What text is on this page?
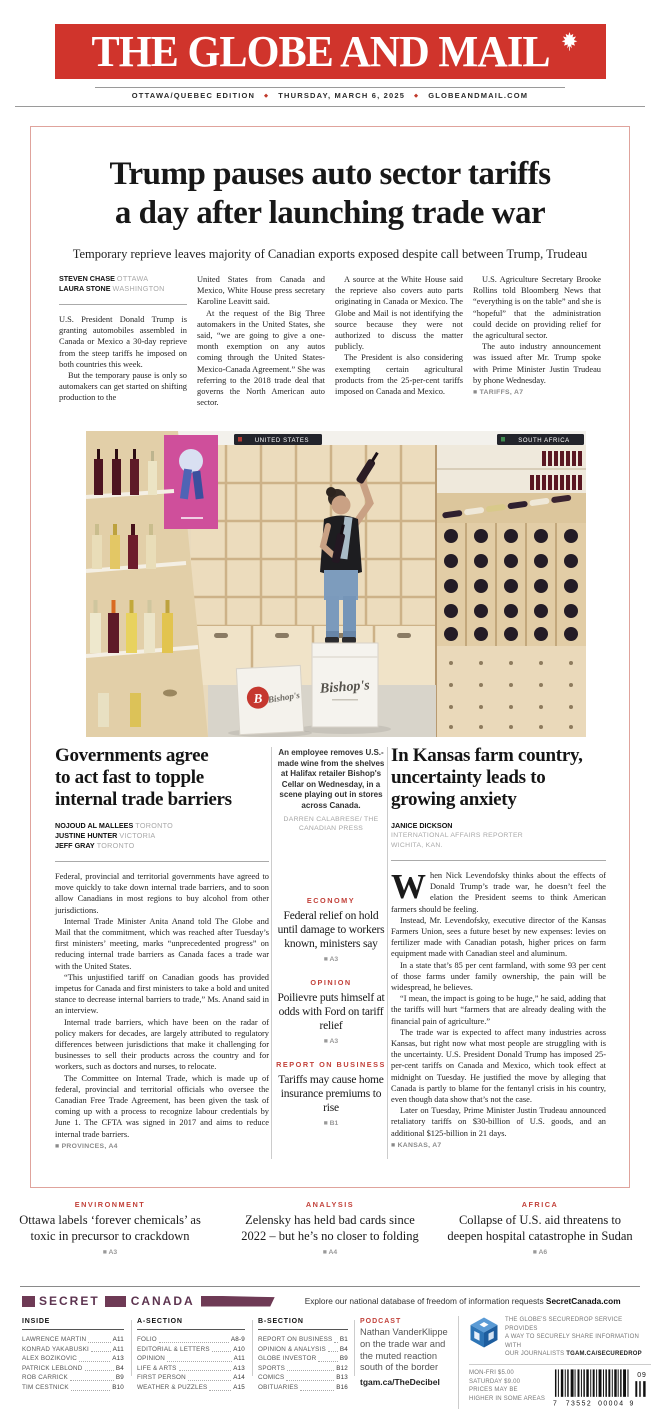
THE GLOBE AND MAIL
OTTAWA/QUEBEC EDITION ◆ THURSDAY, MARCH 6, 2025 ◆ GLOBEANDMAIL.COM
Trump pauses auto sector tariffs
a day after launching trade war
Temporary reprieve leaves majority of Canadian exports exposed despite call between Trump, Trudeau
STEVEN CHASE OTTAWA
LAURA STONE WASHINGTON

U.S. President Donald Trump is granting automobiles assembled in Canada or Mexico a 30-day reprieve from the steep tariffs he imposed on both countries this week.

But the temporary pause is only so automakers can get started on shifting production to the

United States from Canada and Mexico, White House press secretary Karoline Leavitt said.

At the request of the Big Three automakers in the United States, she said, “we are going to give a one-month exemption on any autos coming through the United States-Mexico-Canada Agreement.” She was referring to the 2018 trade deal that governs the North American auto sector.

A source at the White House said the reprieve also covers auto parts originating in Canada or Mexico. The Globe and Mail is not identifying the source because they were not authorized to discuss the matter publicly.

The President is also considering exempting certain agricultural products from the 25-per-cent tariffs imposed on Canada and Mexico.

U.S. Agriculture Secretary Brooke Rollins told Bloomberg News that “everything is on the table” and she is “hopeful” that the administration could decide on providing relief for the agricultural sector.

The auto industry announcement was issued after Mr. Trump spoke with Prime Minister Justin Trudeau by phone Wednesday.

■ TARIFFS, A7
UNITED STATES	SOUTH AFRICA
Bishop's
B Bishop's
Governments agree
to act fast to topple
internal trade barriers
NOJOUD AL MALLEES TORONTO
JUSTINE HUNTER VICTORIA
JEFF GRAY TORONTO

Federal, provincial and territorial governments have agreed to move quickly to take down internal trade barriers, and to soon allow Canadians in most regions to buy alcohol from other jurisdictions.

Internal Trade Minister Anita Anand told The Globe and Mail that the commitment, which was reached after Tuesday’s first ministers’ meeting, marks “unprecedented progress” on reducing internal trade barriers as Canada faces a trade war with the United States.

“This unjustified tariff on Canadian goods has provided impetus for Canada and first ministers to take a bold and united stance to decrease internal barriers to trade,” Ms. Anand said in an interview.

Internal trade barriers, which have been on the radar of policy makers for decades, are largely attributed to regulatory differences between jurisdictions that make it challenging for businesses to sell their products across the country and for workers, such as doctors and nurses, to relocate.

The Committee on Internal Trade, which is made up of federal, provincial and territorial officials who oversee the Canadian Free Trade Agreement, has been given the task of coming up with a process to recognize labour credentials by June 1. The CFTA was signed in 2017 and aims to reduce internal trade barriers.

■ PROVINCES, A4
An employee removes U.S.-made wine from the shelves at Halifax retailer Bishop's Cellar on Wednesday, in a scene playing out in stores across Canada.
DARREN CALABRESE/ THE CANADIAN PRESS
ECONOMY
Federal relief on hold until damage to workers known, ministers say
■ A3
OPINION
Poilievre puts himself at odds with Ford on tariff relief
■ A3
REPORT ON BUSINESS
Tariffs may cause home insurance premiums to rise
■ B1
In Kansas farm country,
uncertainty leads to
growing anxiety
JANICE DICKSON
INTERNATIONAL AFFAIRS REPORTER
WICHITA, KAN.

When Nick Levendofsky thinks about the effects of Donald Trump’s trade war, he doesn’t feel the elation the President seems to think American farmers should be feeling.

Instead, Mr. Levendofsky, executive director of the Kansas Farmers Union, sees a future beset by new expenses: levies on fertilizer made with Canadian potash, higher prices on farm equipment made with Canadian steel and aluminum.

In a state that’s 85 per cent farmland, with some 93 per cent of those farms under family ownership, the pain will be widespread, he believes.

“I mean, the impact is going to be huge,” he said, adding that the tariffs will hurt “farmers that are already dealing with the financial pain of agriculture.”

The trade war is expected to affect many industries across Kansas, but right now what most people are struggling with is the uncertainty. U.S. President Donald Trump has imposed 25-per-cent tariffs on Canada and Mexico, which took effect at midnight on Tuesday. He justified the move by alleging that Canada is partly to blame for the fentanyl crisis in his country, even though data show that’s not the case.

Later on Tuesday, Prime Minister Justin Trudeau announced retaliatory tariffs on $30-billion of U.S. goods, and an additional $125-billion in 21 days.

■ KANSAS, A7
ENVIRONMENT
Ottawa labels ‘forever chemicals’ as toxic in precursor to crackdown
■ A3
ANALYSIS
Zelensky has held bad cards since 2022 – but he’s no closer to folding
■ A4
AFRICA
Collapse of U.S. aid threatens to deepen hospital catastrophe in Sudan
■ A6
SECRET	CANADA	Explore our national database of freedom of information requests SecretCanada.com
INSIDE
LAWRENCE MARTIN	A11
KONRAD YAKABUSKI	A11
ALEX BOZIKOVIC	A13
PATRICK LEBLOND	B4
ROB CARRICK	B9
TIM CESTNICK	B10
A-SECTION
FOLIO	A8-9
EDITORIAL & LETTERS	A10
OPINION	A11
LIFE & ARTS	A13
FIRST PERSON	A14
WEATHER & PUZZLES	A15
B-SECTION
REPORT ON BUSINESS B1
OPINION & ANALYSIS B4
GLOBE INVESTOR	B9
SPORTS	B12
COMICS	B13
OBITUARIES	B16
PODCAST
Nathan VanderKlippe on the trade war and the muted reaction south of the border
tgam.ca/TheDecibel
THE GLOBE'S SECUREDROP SERVICE PROVIDES
A WAY TO SECURELY SHARE INFORMATION WITH
OUR JOURNALISTS TGAM.CA/SECUREDROP
MON-FRI $5.00
SATURDAY $9.00
PRICES MAY BE
HIGHER IN SOME AREAS
7 73552 00004 9
09
